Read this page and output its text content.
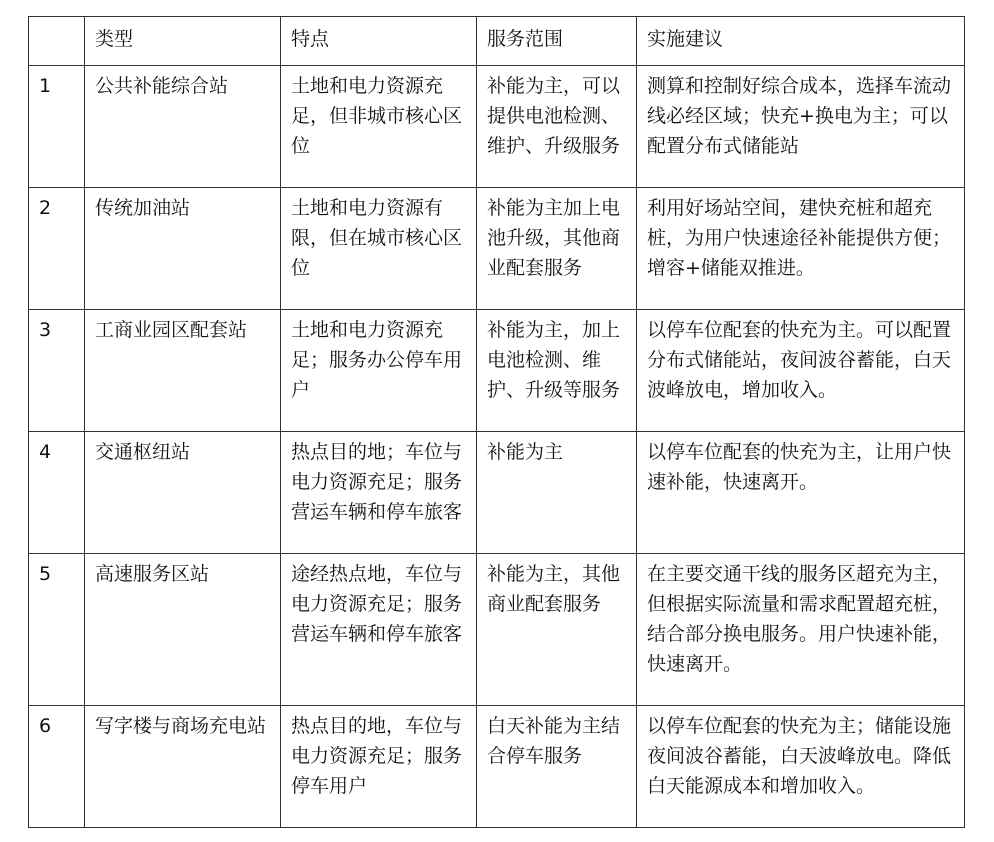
	类型	特点	服务范围	实施建议
1	公共补能综合站	土地和电力资源充足，但非城市核心区位	补能为主，可以提供电池检测、维护、升级服务	测算和控制好综合成本，选择车流动线必经区域；快充+换电为主；可以配置分布式储能站
2	传统加油站	土地和电力资源有限，但在城市核心区位	补能为主加上电池升级，其他商业配套服务	利用好场站空间，建快充桩和超充桩，为用户快速途径补能提供方便；增容+储能双推进。
3	工商业园区配套站	土地和电力资源充足；服务办公停车用户	补能为主，加上电池检测、维护、升级等服务	以停车位配套的快充为主。可以配置分布式储能站，夜间波谷蓄能，白天波峰放电，增加收入。
4	交通枢纽站	热点目的地；车位与电力资源充足；服务营运车辆和停车旅客	补能为主	以停车位配套的快充为主，让用户快速补能，快速离开。
5	高速服务区站	途经热点地，车位与电力资源充足；服务营运车辆和停车旅客	补能为主，其他商业配套服务	在主要交通干线的服务区超充为主，但根据实际流量和需求配置超充桩，结合部分换电服务。用户快速补能，快速离开。
6	写字楼与商场充电站	热点目的地，车位与电力资源充足；服务停车用户	白天补能为主结合停车服务	以停车位配套的快充为主；储能设施夜间波谷蓄能，白天波峰放电。降低白天能源成本和增加收入。
